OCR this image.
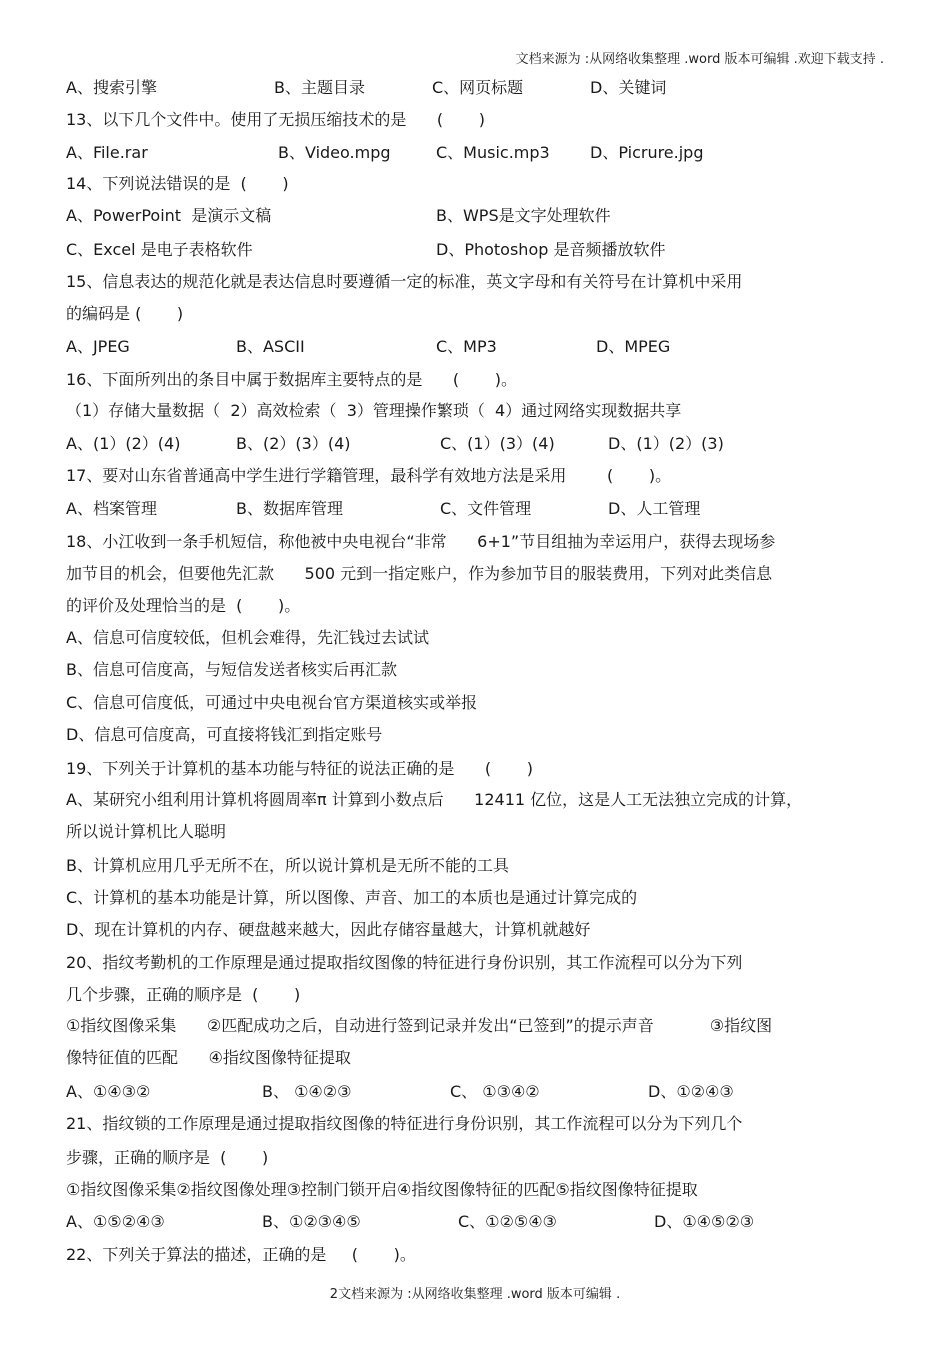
文档来源为 :从网络收集整理 .word 版本可编辑 .欢迎下载支持 .
A、搜索引擎	B、主题目录	C、网页标题	D、关键词
13、以下几个文件中。使用了无损压缩技术的是      (       )
A、File.rar	B、Video.mpg	C、Music.mp3	D、Picrure.jpg
14、下列说法错误的是  (       )
A、PowerPoint  是演示文稿	B、WPS是文字处理软件
C、Excel 是电子表格软件	D、Photoshop 是音频播放软件
15、信息表达的规范化就是表达信息时要遵循一定的标准，英文字母和有关符号在计算机中采用
的编码是 (       )
A、JPEG	B、ASCII	C、MP3	D、MPEG
16、下面所列出的条目中属于数据库主要特点的是      (       )。
（1）存储大量数据（  2）高效检索（  3）管理操作繁琐（  4）通过网络实现数据共享
A、(1）(2）(4)	B、(2）(3）(4)	C、(1）(3）(4)	D、(1）(2）(3)
17、要对山东省普通高中学生进行学籍管理，最科学有效地方法是采用        (       )。
A、档案管理	B、数据库管理	C、文件管理	D、人工管理
18、小江收到一条手机短信，称他被中央电视台“非常      6+1”节目组抽为幸运用户，获得去现场参
加节目的机会，但要他先汇款      500 元到一指定账户，作为参加节目的服装费用，下列对此类信息
的评价及处理恰当的是  (       )。
A、信息可信度较低，但机会难得，先汇钱过去试试
B、信息可信度高，与短信发送者核实后再汇款
C、信息可信度低，可通过中央电视台官方渠道核实或举报
D、信息可信度高，可直接将钱汇到指定账号
19、下列关于计算机的基本功能与特征的说法正确的是      (       )
A、某研究小组利用计算机将圆周率π 计算到小数点后      12411 亿位，这是人工无法独立完成的计算，
所以说计算机比人聪明
B、计算机应用几乎无所不在，所以说计算机是无所不能的工具
C、计算机的基本功能是计算，所以图像、声音、加工的本质也是通过计算完成的
D、现在计算机的内存、硬盘越来越大，因此存储容量越大，计算机就越好
20、指纹考勤机的工作原理是通过提取指纹图像的特征进行身份识别，其工作流程可以分为下列
几个步骤，正确的顺序是  (       )
①指纹图像采集      ②匹配成功之后，自动进行签到记录并发出“已签到”的提示声音           ③指纹图
像特征值的匹配      ④指纹图像特征提取
A、①④③②	B、 ①④②③	C、 ①③④②	D、①②④③
21、指纹锁的工作原理是通过提取指纹图像的特征进行身份识别，其工作流程可以分为下列几个
步骤，正确的顺序是  (       )
①指纹图像采集②指纹图像处理③控制门锁开启④指纹图像特征的匹配⑤指纹图像特征提取
A、①⑤②④③	B、①②③④⑤	C、①②⑤④③	D、①④⑤②③
22、下列关于算法的描述，正确的是     (       )。
2文档来源为 :从网络收集整理 .word 版本可编辑 .
